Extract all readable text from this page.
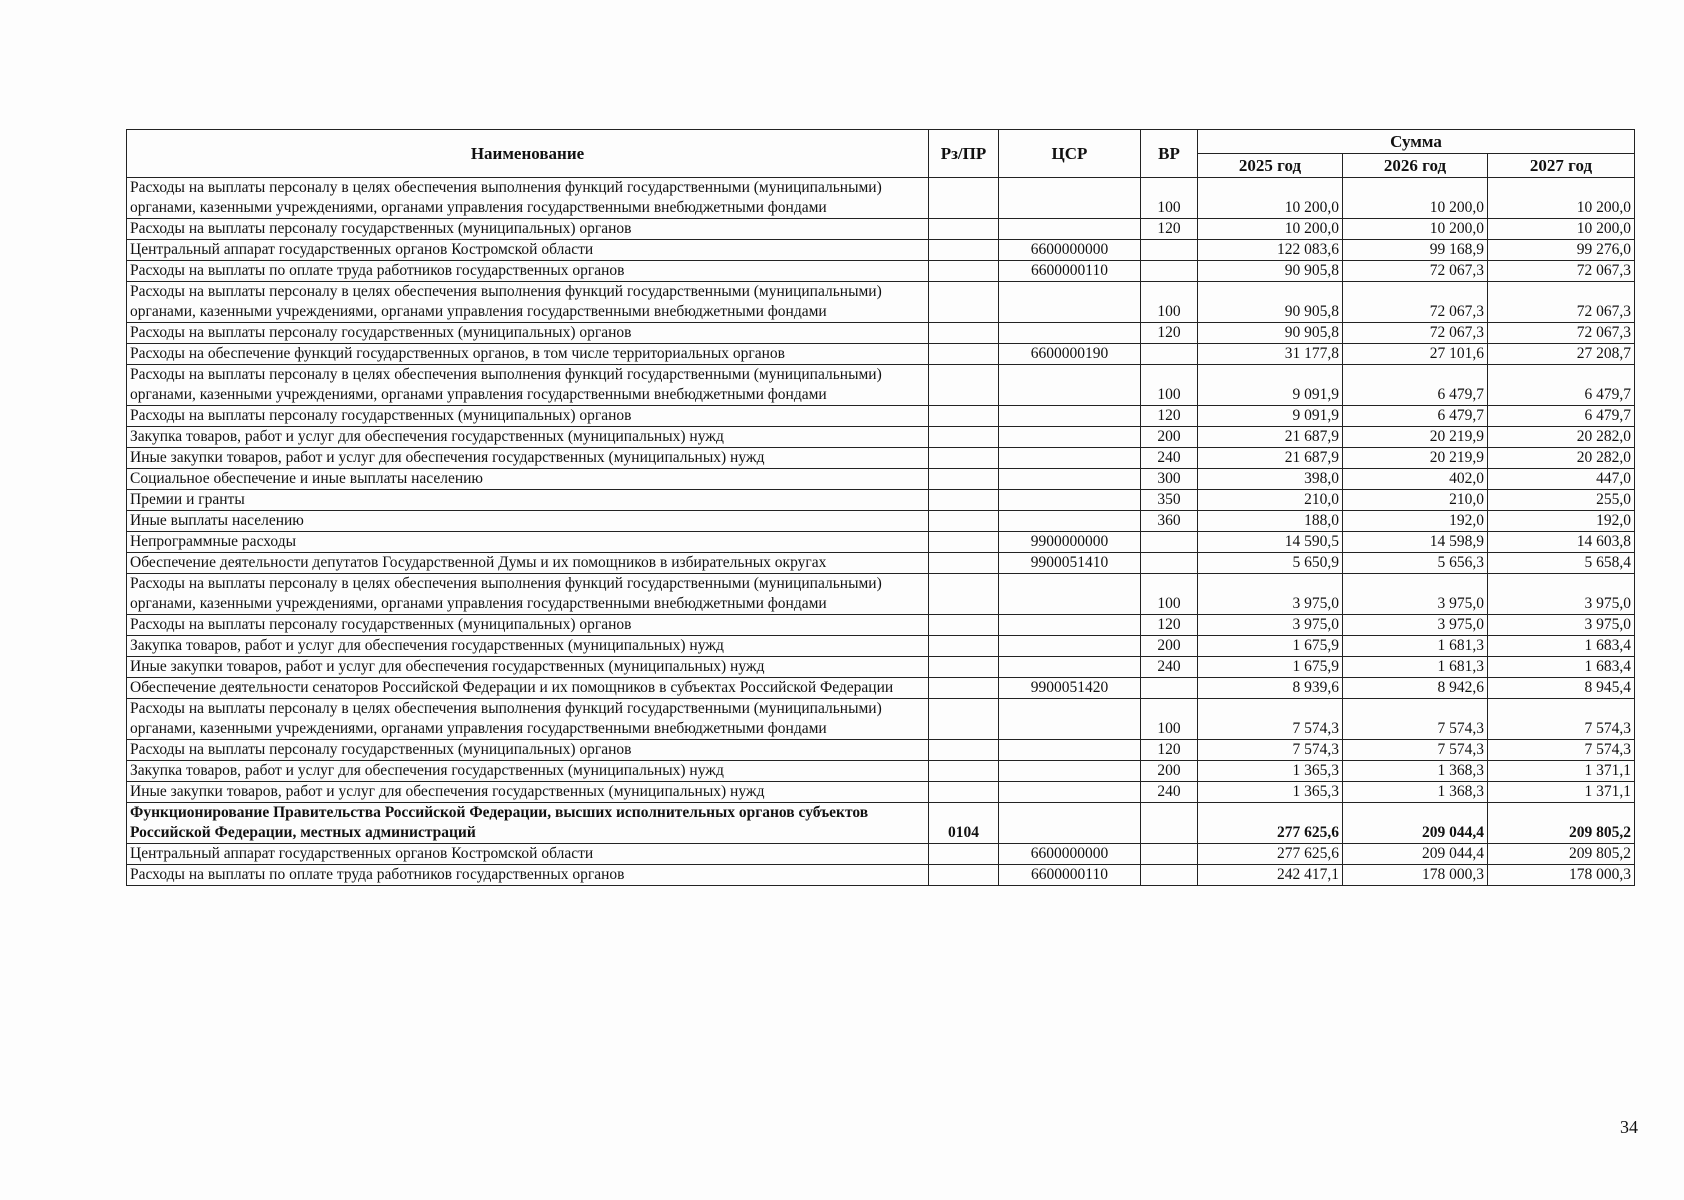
Наименование	Рз/ПР	ЦСР	ВР	Сумма		
				2025 год	2026 год	2027 год
Расходы на выплаты персоналу в целях обеспечения выполнения функций государственными (муниципальными) органами, казенными учреждениями, органами управления государственными внебюджетными фондами			100	10 200,0	10 200,0	10 200,0
Расходы на выплаты персоналу государственных (муниципальных) органов			120	10 200,0	10 200,0	10 200,0
Центральный аппарат государственных органов Костромской области		6600000000		122 083,6	99 168,9	99 276,0
Расходы на выплаты по оплате труда работников государственных органов		6600000110		90 905,8	72 067,3	72 067,3
Расходы на выплаты персоналу в целях обеспечения выполнения функций государственными (муниципальными) органами, казенными учреждениями, органами управления государственными внебюджетными фондами			100	90 905,8	72 067,3	72 067,3
Расходы на выплаты персоналу государственных (муниципальных) органов			120	90 905,8	72 067,3	72 067,3
Расходы на обеспечение функций государственных органов, в том числе территориальных органов		6600000190		31 177,8	27 101,6	27 208,7
Расходы на выплаты персоналу в целях обеспечения выполнения функций государственными (муниципальными) органами, казенными учреждениями, органами управления государственными внебюджетными фондами			100	9 091,9	6 479,7	6 479,7
Расходы на выплаты персоналу государственных (муниципальных) органов			120	9 091,9	6 479,7	6 479,7
Закупка товаров, работ и услуг для обеспечения государственных (муниципальных) нужд			200	21 687,9	20 219,9	20 282,0
Иные закупки товаров, работ и услуг для обеспечения государственных (муниципальных) нужд			240	21 687,9	20 219,9	20 282,0
Социальное обеспечение и иные выплаты населению			300	398,0	402,0	447,0
Премии и гранты			350	210,0	210,0	255,0
Иные выплаты населению			360	188,0	192,0	192,0
Непрограммные расходы		9900000000		14 590,5	14 598,9	14 603,8
Обеспечение деятельности депутатов Государственной Думы и их помощников в избирательных округах		9900051410		5 650,9	5 656,3	5 658,4
Расходы на выплаты персоналу в целях обеспечения выполнения функций государственными (муниципальными) органами, казенными учреждениями, органами управления государственными внебюджетными фондами			100	3 975,0	3 975,0	3 975,0
Расходы на выплаты персоналу государственных (муниципальных) органов			120	3 975,0	3 975,0	3 975,0
Закупка товаров, работ и услуг для обеспечения государственных (муниципальных) нужд			200	1 675,9	1 681,3	1 683,4
Иные закупки товаров, работ и услуг для обеспечения государственных (муниципальных) нужд			240	1 675,9	1 681,3	1 683,4
Обеспечение деятельности сенаторов Российской Федерации и их помощников в субъектах Российской Федерации		9900051420		8 939,6	8 942,6	8 945,4
Расходы на выплаты персоналу в целях обеспечения выполнения функций государственными (муниципальными) органами, казенными учреждениями, органами управления государственными внебюджетными фондами			100	7 574,3	7 574,3	7 574,3
Расходы на выплаты персоналу государственных (муниципальных) органов			120	7 574,3	7 574,3	7 574,3
Закупка товаров, работ и услуг для обеспечения государственных (муниципальных) нужд			200	1 365,3	1 368,3	1 371,1
Иные закупки товаров, работ и услуг для обеспечения государственных (муниципальных) нужд			240	1 365,3	1 368,3	1 371,1
Функционирование Правительства Российской Федерации, высших исполнительных органов субъектов Российской Федерации, местных администраций	0104			277 625,6	209 044,4	209 805,2
Центральный аппарат государственных органов Костромской области		6600000000		277 625,6	209 044,4	209 805,2
Расходы на выплаты по оплате труда работников государственных органов		6600000110		242 417,1	178 000,3	178 000,3
34
